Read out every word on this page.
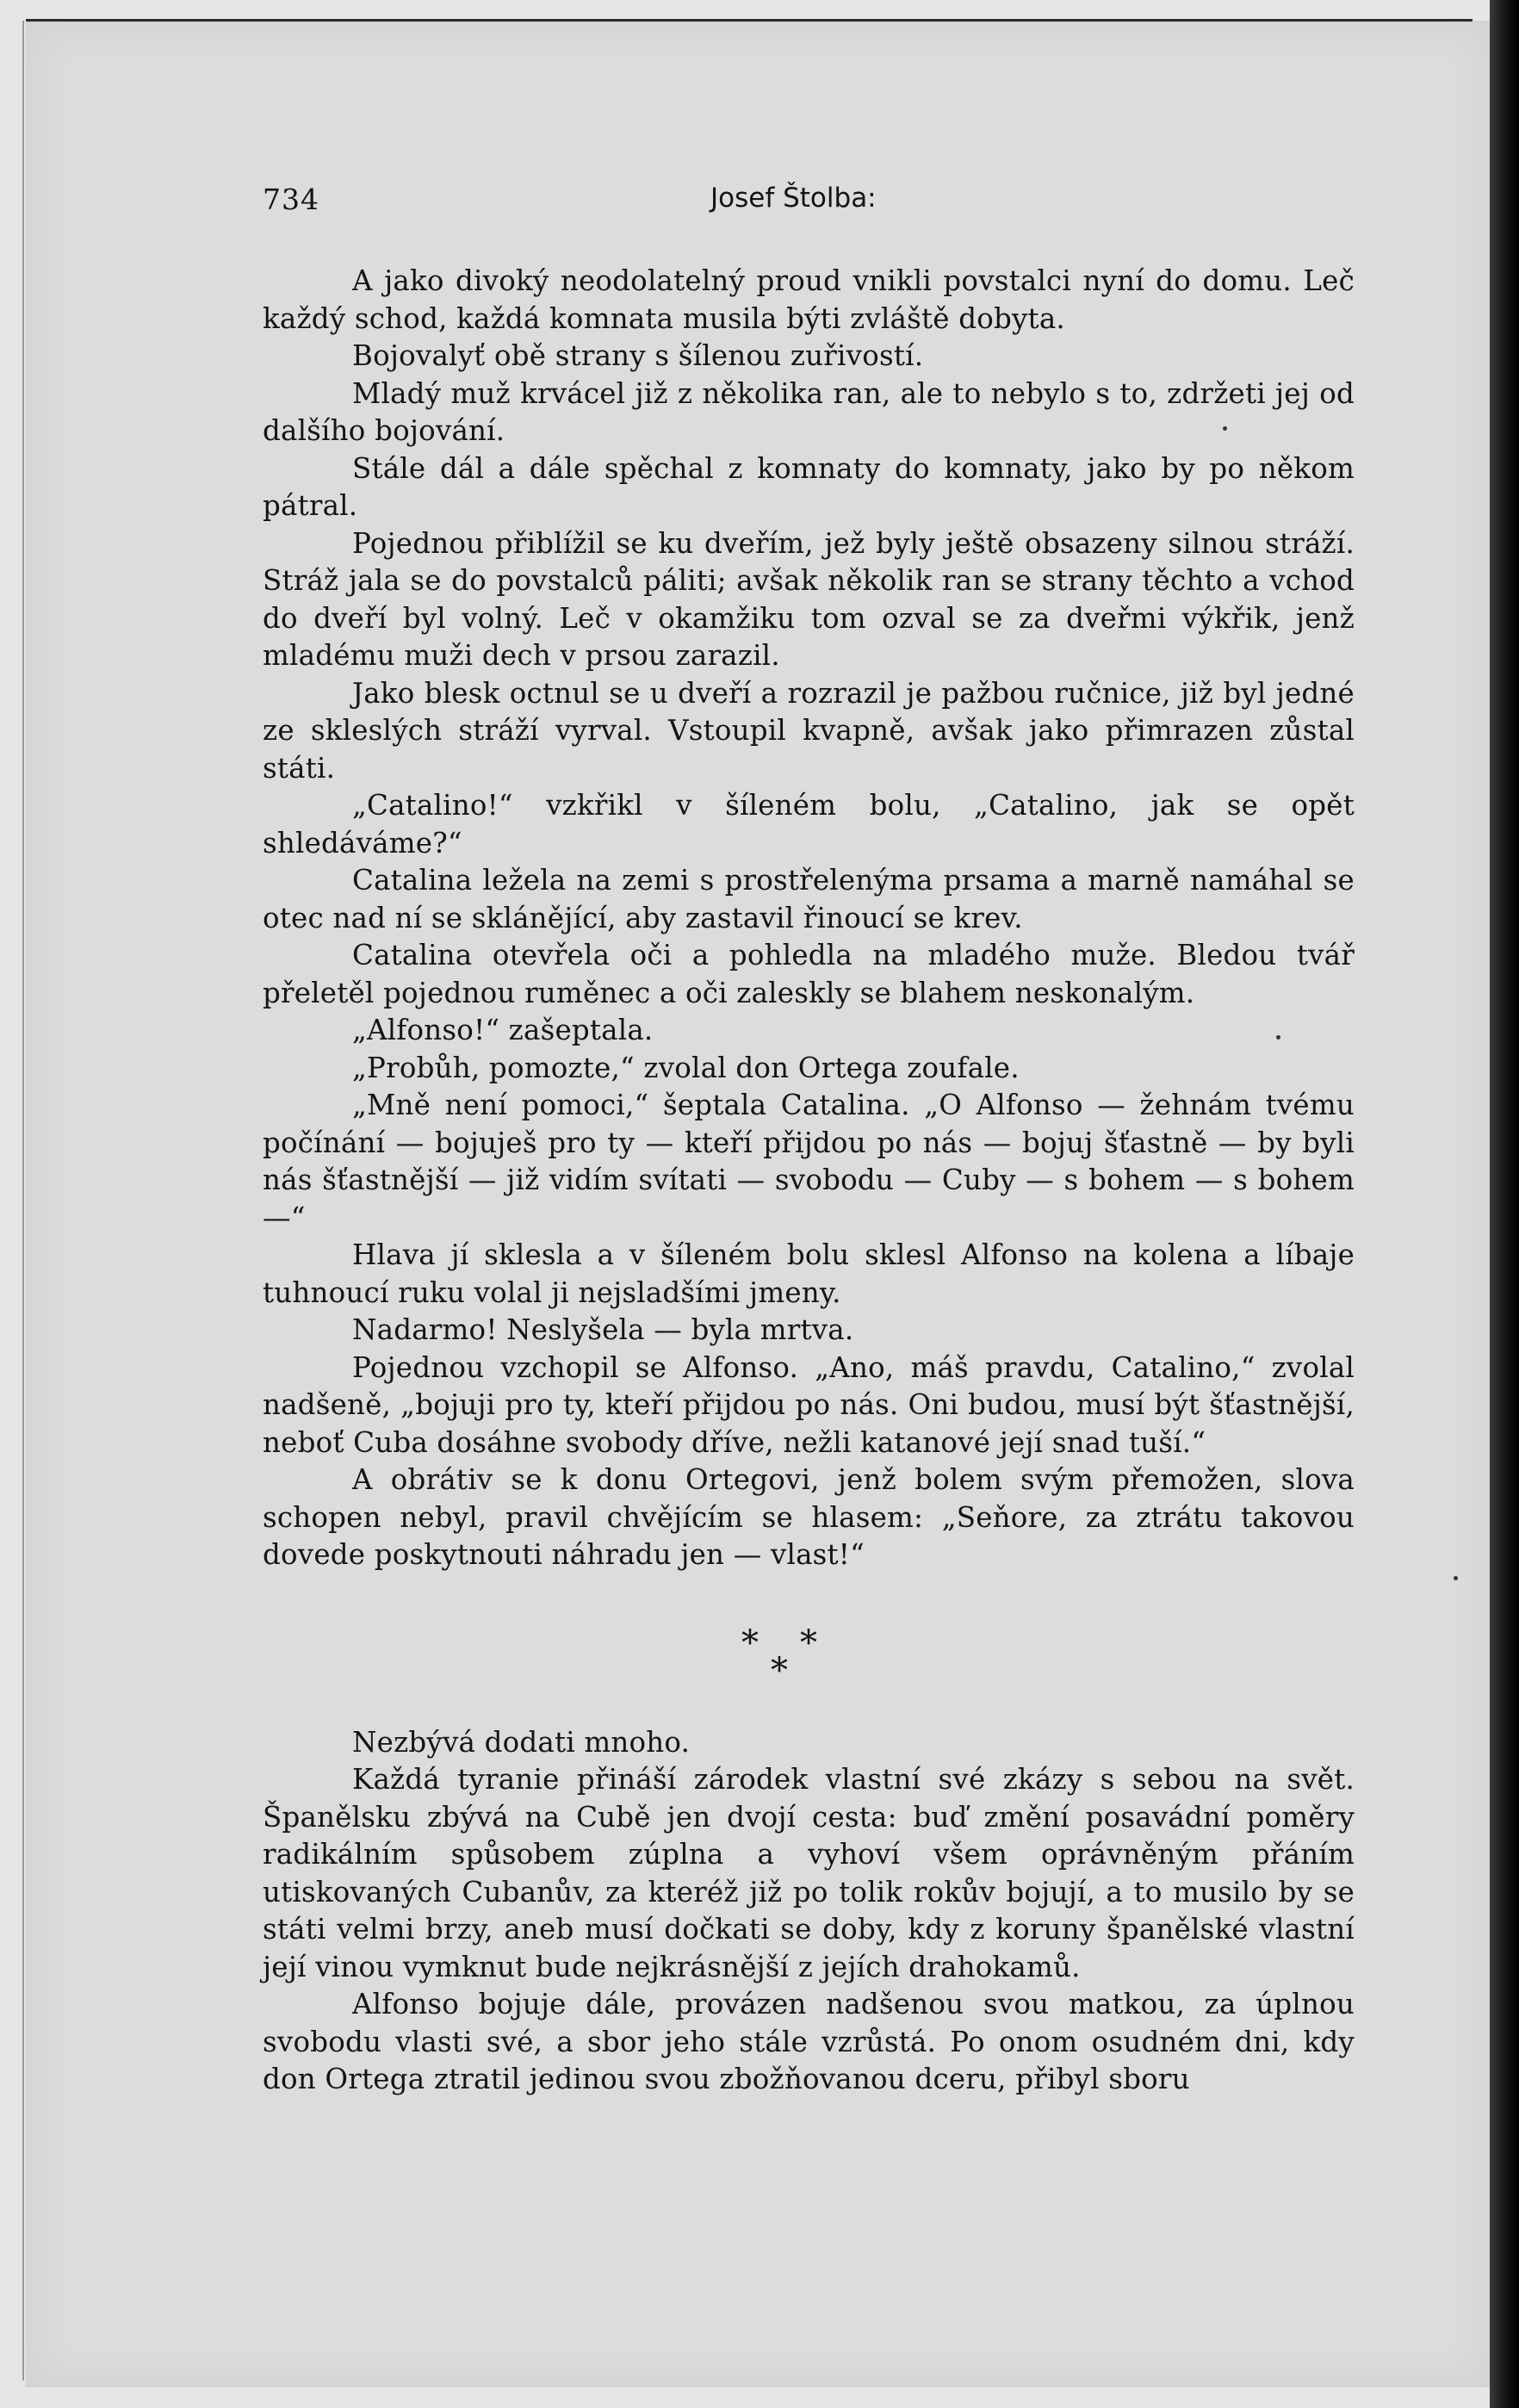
734	Josef Štolba:

A jako divoký neodolatelný proud vnikli povstalci nyní do domu. Leč každý schod, každá komnata musila býti zvláště dobyta.

Bojovalyť obě strany s šílenou zuřivostí.

Mladý muž krvácel již z několika ran, ale to nebylo s to, zdržeti jej od dalšího bojování.

Stále dál a dále spěchal z komnaty do komnaty, jako by po někom pátral.

Pojednou přiblížil se ku dveřím, jež byly ještě obsazeny silnou stráží. Stráž jala se do povstalců páliti; avšak několik ran se strany těchto a vchod do dveří byl volný. Leč v okamžiku tom ozval se za dveřmi výkřik, jenž mladému muži dech v prsou zarazil.

Jako blesk octnul se u dveří a rozrazil je pažbou ručnice, již byl jedné ze skleslých stráží vyrval. Vstoupil kvapně, avšak jako přimrazen zůstal státi.

„Catalino!“ vzkřikl v šíleném bolu, „Catalino, jak se opět shledáváme?“

Catalina ležela na zemi s prostřelenýma prsama a marně namáhal se otec nad ní se sklánějící, aby zastavil řinoucí se krev.

Catalina otevřela oči a pohledla na mladého muže. Bledou tvář přeletěl pojednou ruměnec a oči zaleskly se blahem neskonalým.

„Alfonso!“ zašeptala.

„Probůh, pomozte,“ zvolal don Ortega zoufale.

„Mně není pomoci,“ šeptala Catalina. „O Alfonso — žehnám tvému počínání — bojuješ pro ty — kteří přijdou po nás — bojuj šťastně — by byli nás šťastnější — již vidím svítati — svobodu — Cuby — s bohem — s bohem —“

Hlava jí sklesla a v šíleném bolu sklesl Alfonso na kolena a líbaje tuhnoucí ruku volal ji nejsladšími jmeny.

Nadarmo! Neslyšela — byla mrtva.

Pojednou vzchopil se Alfonso. „Ano, máš pravdu, Catalino,“ zvolal nadšeně, „bojuji pro ty, kteří přijdou po nás. Oni budou, musí být šťastnější, neboť Cuba dosáhne svobody dříve, nežli katanové její snad tuší.“

A obrátiv se k donu Ortegovi, jenž bolem svým přemožen, slova schopen nebyl, pravil chvějícím se hlasem: „Seňore, za ztrátu takovou dovede poskytnouti náhradu jen — vlast!“

* *
*

Nezbývá dodati mnoho.

Každá tyranie přináší zárodek vlastní své zkázy s sebou na svět. Španělsku zbývá na Cubě jen dvojí cesta: buď změní posavádní poměry radikálním spůsobem zúplna a vyhoví všem oprávněným přáním utiskovaných Cubanův, za kteréž již po tolik rokův bojují, a to musilo by se státi velmi brzy, aneb musí dočkati se doby, kdy z koruny španělské vlastní její vinou vymknut bude nejkrásnější z jejích drahokamů.

Alfonso bojuje dále, provázen nadšenou svou matkou, za úplnou svobodu vlasti své, a sbor jeho stále vzrůstá. Po onom osudném dni, kdy don Ortega ztratil jedinou svou zbožňovanou dceru, přibyl sboru
